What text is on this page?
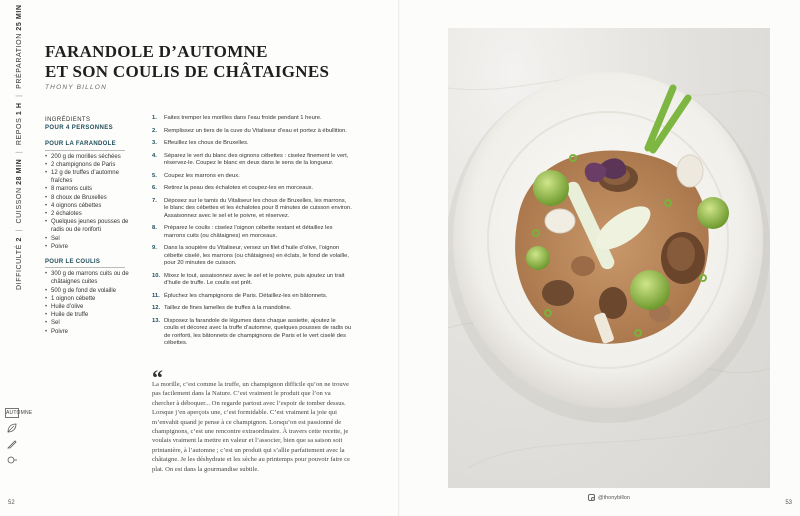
DIFFICULTÉ 2 | CUISSON 28 MIN | REPOS 1 H | PRÉPARATION 25 MIN
AUTOMNE
FARANDOLE D’AUTOMNE
ET SON COULIS DE CHÂTAIGNES
THONY BILLON
INGRÉDIENTS
POUR 4 PERSONNES
POUR LA FARANDOLE
• 200 g de morilles séchées
• 2 champignons de Paris
• 12 g de truffes d’automne fraîches
• 8 marrons cuits
• 8 choux de Bruxelles
• 4 oignons cébettes
• 2 échalotes
• Quelques jeunes pousses de radis ou de roriforti
• Sel
• Poivre
POUR LE COULIS
• 300 g de marrons cuits ou de châtaignes cuites
• 500 g de fond de volaille
• 1 oignon cébette
• Huile d’olive
• Huile de truffe
• Sel
• Poivre
1.	Faites tremper les morilles dans l’eau froide pendant 1 heure.
2.	Remplissez un tiers de la cuve du Vitaliseur d’eau et portez à ébullition.
3.	Effeuillez les choux de Bruxelles.
4.	Séparez le vert du blanc des oignons cébettes : ciselez finement le vert, réservez-le. Coupez le blanc en deux dans le sens de la longueur.
5.	Coupez les marrons en deux.
6.	Retirez la peau des échalotes et coupez-les en morceaux.
7.	Déposez sur le tamis du Vitaliseur les choux de Bruxelles, les marrons, le blanc des cébettes et les échalotes pour 8 minutes de cuisson environ. Assaisonnez avec le sel et le poivre, et réservez.
8.	Préparez le coulis : ciselez l’oignon cébette restant et détaillez les marrons cuits (ou châtaignes) en morceaux.
9.	Dans la soupière du Vitaliseur, versez un filet d’huile d’olive, l’oignon cébette ciselé, les marrons (ou châtaignes) en éclats, le fond de volaille, pour 20 minutes de cuisson.
10. Mixez le tout, assaisonnez avec le sel et le poivre, puis ajoutez un trait d’huile de truffe. Le coulis est prêt.
11. Épluchez les champignons de Paris. Détaillez-les en bâtonnets.
12. Taillez de fines lamelles de truffes à la mandoline.
13. Disposez la farandole de légumes dans chaque assiette, ajoutez le coulis et décorez avec la truffe d’automne, quelques pousses de radis ou de roriforti, les bâtonnets de champignons de Paris et le vert ciselé des cébettes.
“
La morille, c’est comme la truffe, un champignon difficile qu’on ne trouve pas facilement dans la Nature. C’est vraiment le produit que l’on va chercher à déboquer... On regarde partout avec l’espoir de tomber dessus. Lorsque j’en aperçois une, c’est formidable. C’est vraiment la joie qui m’envahit quand je pense à ce champignon. Lorsqu’on est passionné de champignons, c’est une rencontre extraordinaire. À travers cette recette, je voulais vraiment la mettre en valeur et l’associer, bien que sa saison soit printanière, à l’automne ; c’est un produit qui s’allie parfaitement avec la châtaigne. Je les déshydrate et les sèche au printemps pour pouvoir faire ce plat. On est dans la gourmandise subtile.
52	53
@thonybillon
